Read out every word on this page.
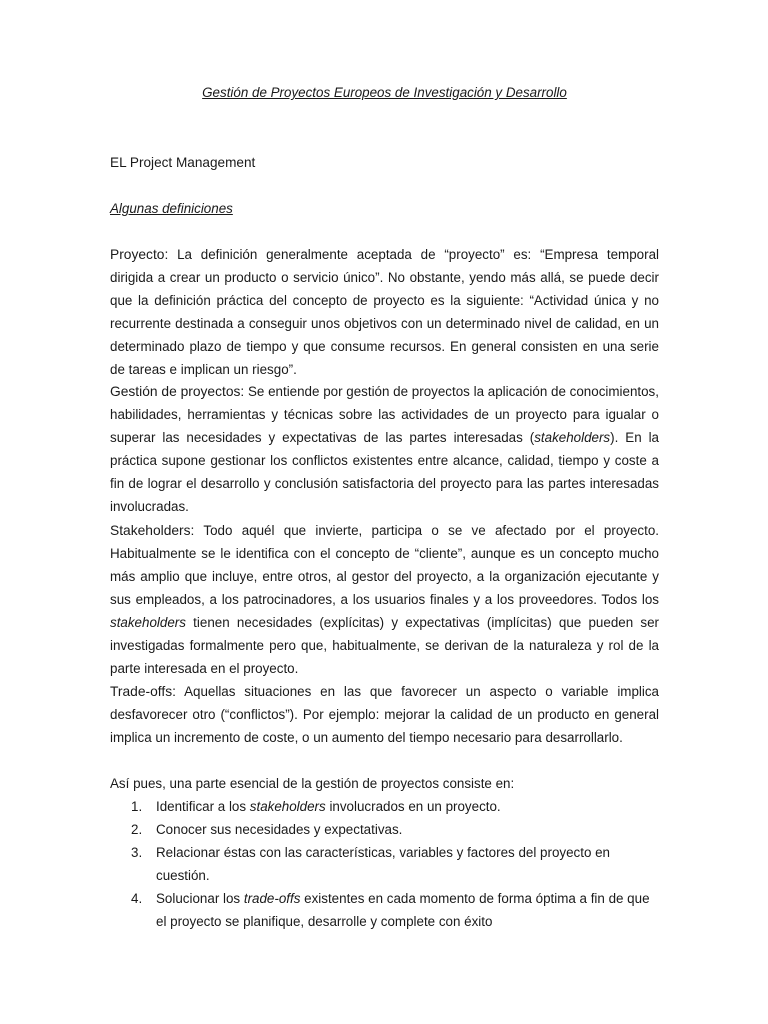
Gestión de Proyectos Europeos de Investigación y Desarrollo
EL Project Management
Algunas definiciones

Proyecto: La definición generalmente aceptada de “proyecto” es: “Empresa temporal dirigida a crear un producto o servicio único”. No obstante, yendo más allá, se puede decir que la definición práctica del concepto de proyecto es la siguiente: “Actividad única y no recurrente destinada a conseguir unos objetivos con un determinado nivel de calidad, en un determinado plazo de tiempo y que consume recursos. En general consisten en una serie de tareas e implican un riesgo”.

Gestión de proyectos: Se entiende por gestión de proyectos la aplicación de conocimientos, habilidades, herramientas y técnicas sobre las actividades de un proyecto para igualar o superar las necesidades y expectativas de las partes interesadas (stakeholders). En la práctica supone gestionar los conflictos existentes entre alcance, calidad, tiempo y coste a fin de lograr el desarrollo y conclusión satisfactoria del proyecto para las partes interesadas involucradas.

Stakeholders: Todo aquél que invierte, participa o se ve afectado por el proyecto. Habitualmente se le identifica con el concepto de “cliente”, aunque es un concepto mucho más amplio que incluye, entre otros, al gestor del proyecto, a la organización ejecutante y sus empleados, a los patrocinadores, a los usuarios finales y a los proveedores. Todos los stakeholders tienen necesidades (explícitas) y expectativas (implícitas) que pueden ser investigadas formalmente pero que, habitualmente, se derivan de la naturaleza y rol de la parte interesada en el proyecto.

Trade-offs: Aquellas situaciones en las que favorecer un aspecto o variable implica desfavorecer otro (“conflictos”). Por ejemplo: mejorar la calidad de un producto en general implica un incremento de coste, o un aumento del tiempo necesario para desarrollarlo.

Así pues, una parte esencial de la gestión de proyectos consiste en:
1. Identificar a los stakeholders involucrados en un proyecto.
2. Conocer sus necesidades y expectativas.
3. Relacionar éstas con las características, variables y factores del proyecto en cuestión.
4. Solucionar los trade-offs existentes en cada momento de forma óptima a fin de que el proyecto se planifique, desarrolle y complete con éxito
